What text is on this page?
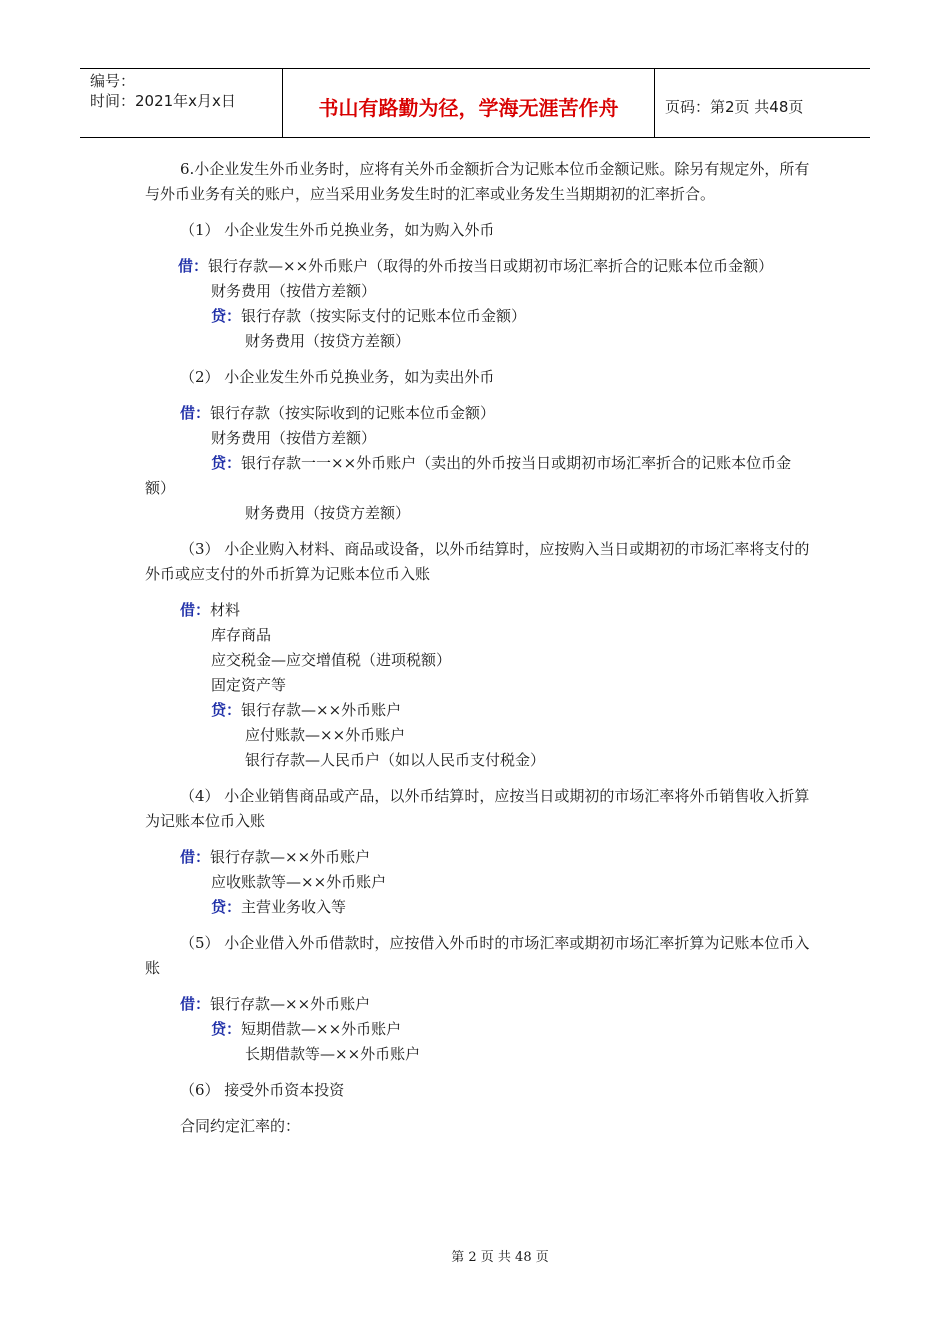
编号：
时间：2021年x月x日	书山有路勤为径，学海无涯苦作舟	页码：第2页 共48页

6.小企业发生外币业务时，应将有关外币金额折合为记账本位币金额记账。除另有规定外，所有与外币业务有关的账户，应当采用业务发生时的汇率或业务发生当期期初的汇率折合。

（1） 小企业发生外币兑换业务，如为购入外币

借：银行存款—××外币账户（取得的外币按当日或期初市场汇率折合的记账本位币金额）

财务费用（按借方差额）

贷：银行存款（按实际支付的记账本位币金额）

财务费用（按贷方差额）

（2） 小企业发生外币兑换业务，如为卖出外币

借：银行存款（按实际收到的记账本位币金额）

财务费用（按借方差额）

贷：银行存款一一××外币账户（卖出的外币按当日或期初市场汇率折合的记账本位币金额）

财务费用（按贷方差额）

（3） 小企业购入材料、商品或设备，以外币结算时，应按购入当日或期初的市场汇率将支付的外币或应支付的外币折算为记账本位币入账

借：材料

库存商品

应交税金—应交增值税（进项税额）

固定资产等

贷：银行存款—××外币账户

应付账款—××外币账户

银行存款—人民币户（如以人民币支付税金）

（4） 小企业销售商品或产品，以外币结算时，应按当日或期初的市场汇率将外币销售收入折算为记账本位币入账

借：银行存款—××外币账户

应收账款等—××外币账户

贷：主营业务收入等

（5） 小企业借入外币借款时，应按借入外币时的市场汇率或期初市场汇率折算为记账本位币入账

借：银行存款—××外币账户

贷：短期借款—××外币账户

长期借款等—××外币账户

（6） 接受外币资本投资

合同约定汇率的：

第 2 页 共 48 页
